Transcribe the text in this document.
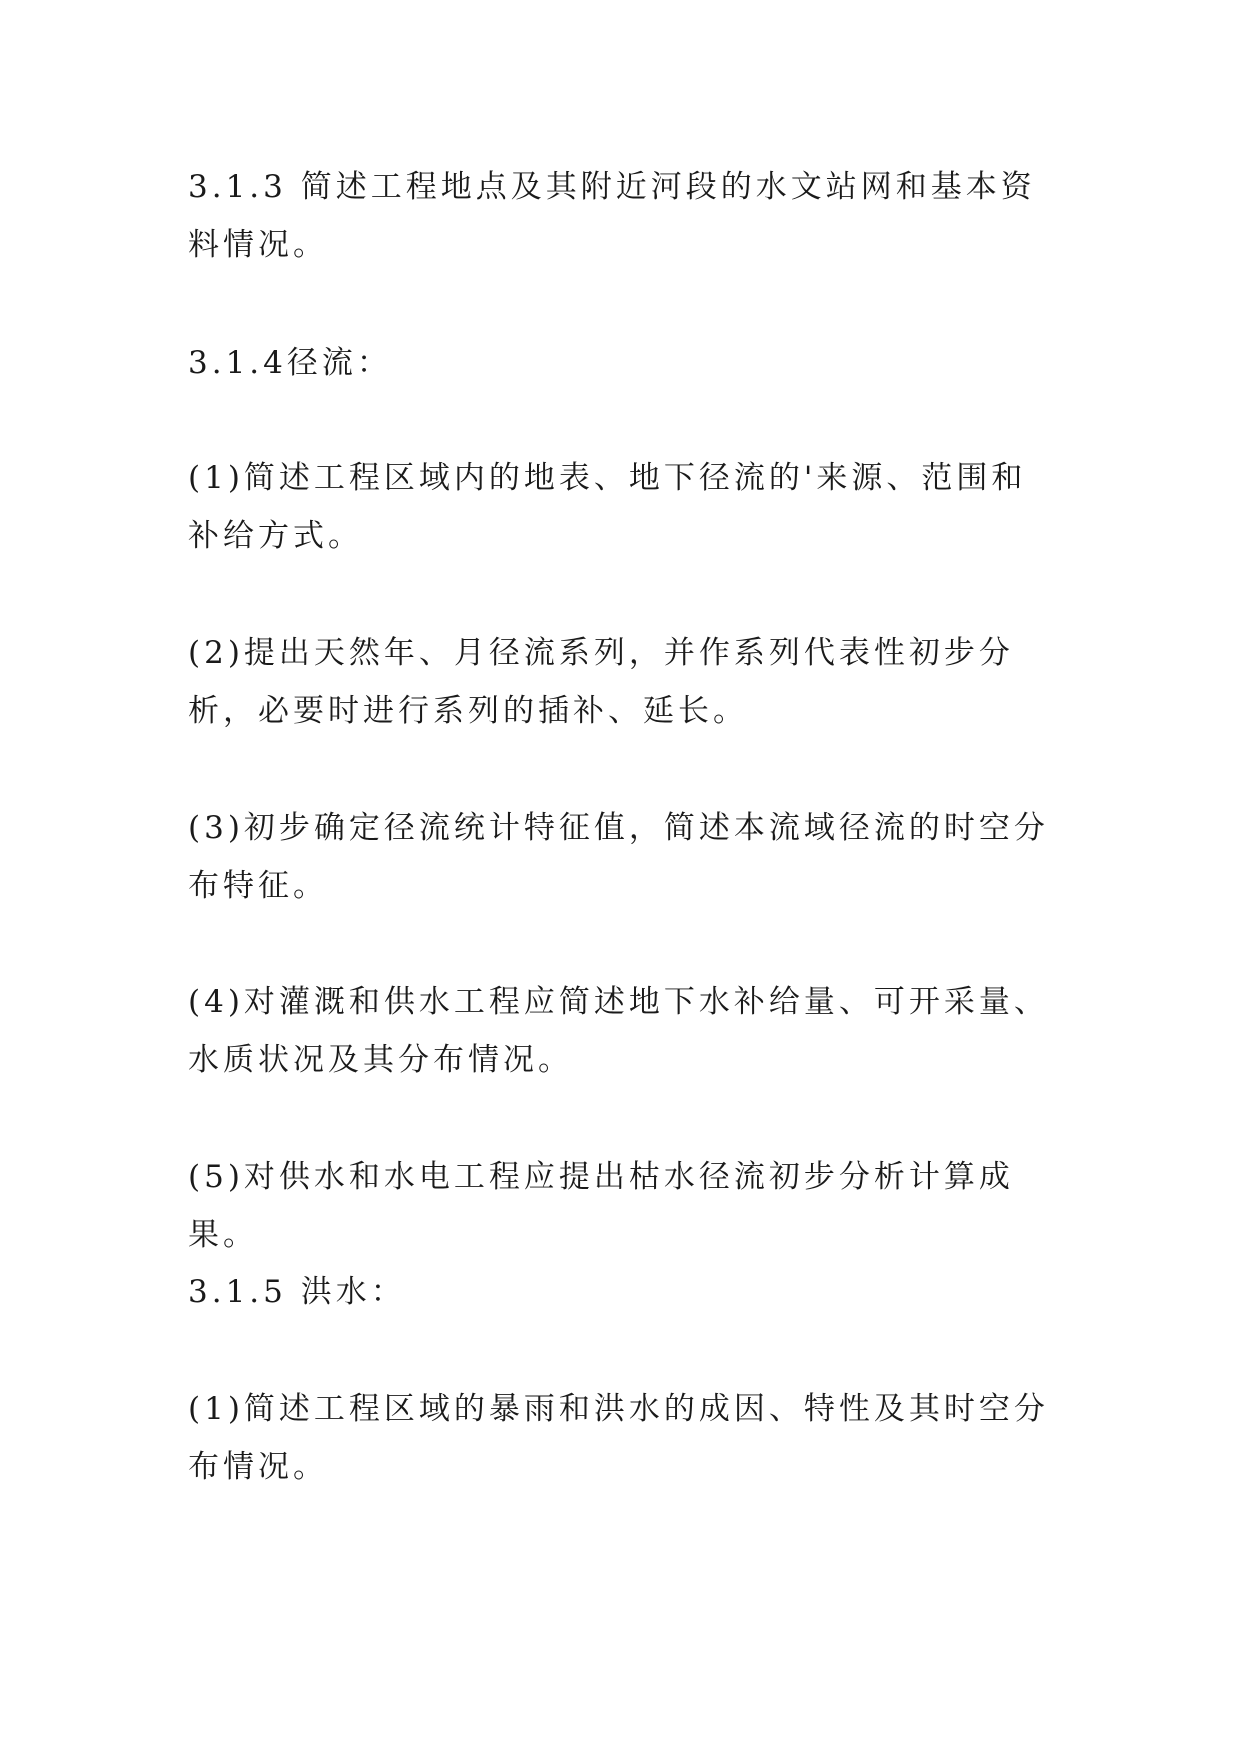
3.1.3 简述工程地点及其附近河段的水文站网和基本资料情况。

3.1.4径流：

(1)简述工程区域内的地表、地下径流的'来源、范围和补给方式。

(2)提出天然年、月径流系列，并作系列代表性初步分析，必要时进行系列的插补、延长。

(3)初步确定径流统计特征值，简述本流域径流的时空分布特征。

(4)对灌溉和供水工程应简述地下水补给量、可开采量、水质状况及其分布情况。

(5)对供水和水电工程应提出枯水径流初步分析计算成果。

3.1.5 洪水：

(1)简述工程区域的暴雨和洪水的成因、特性及其时空分布情况。
